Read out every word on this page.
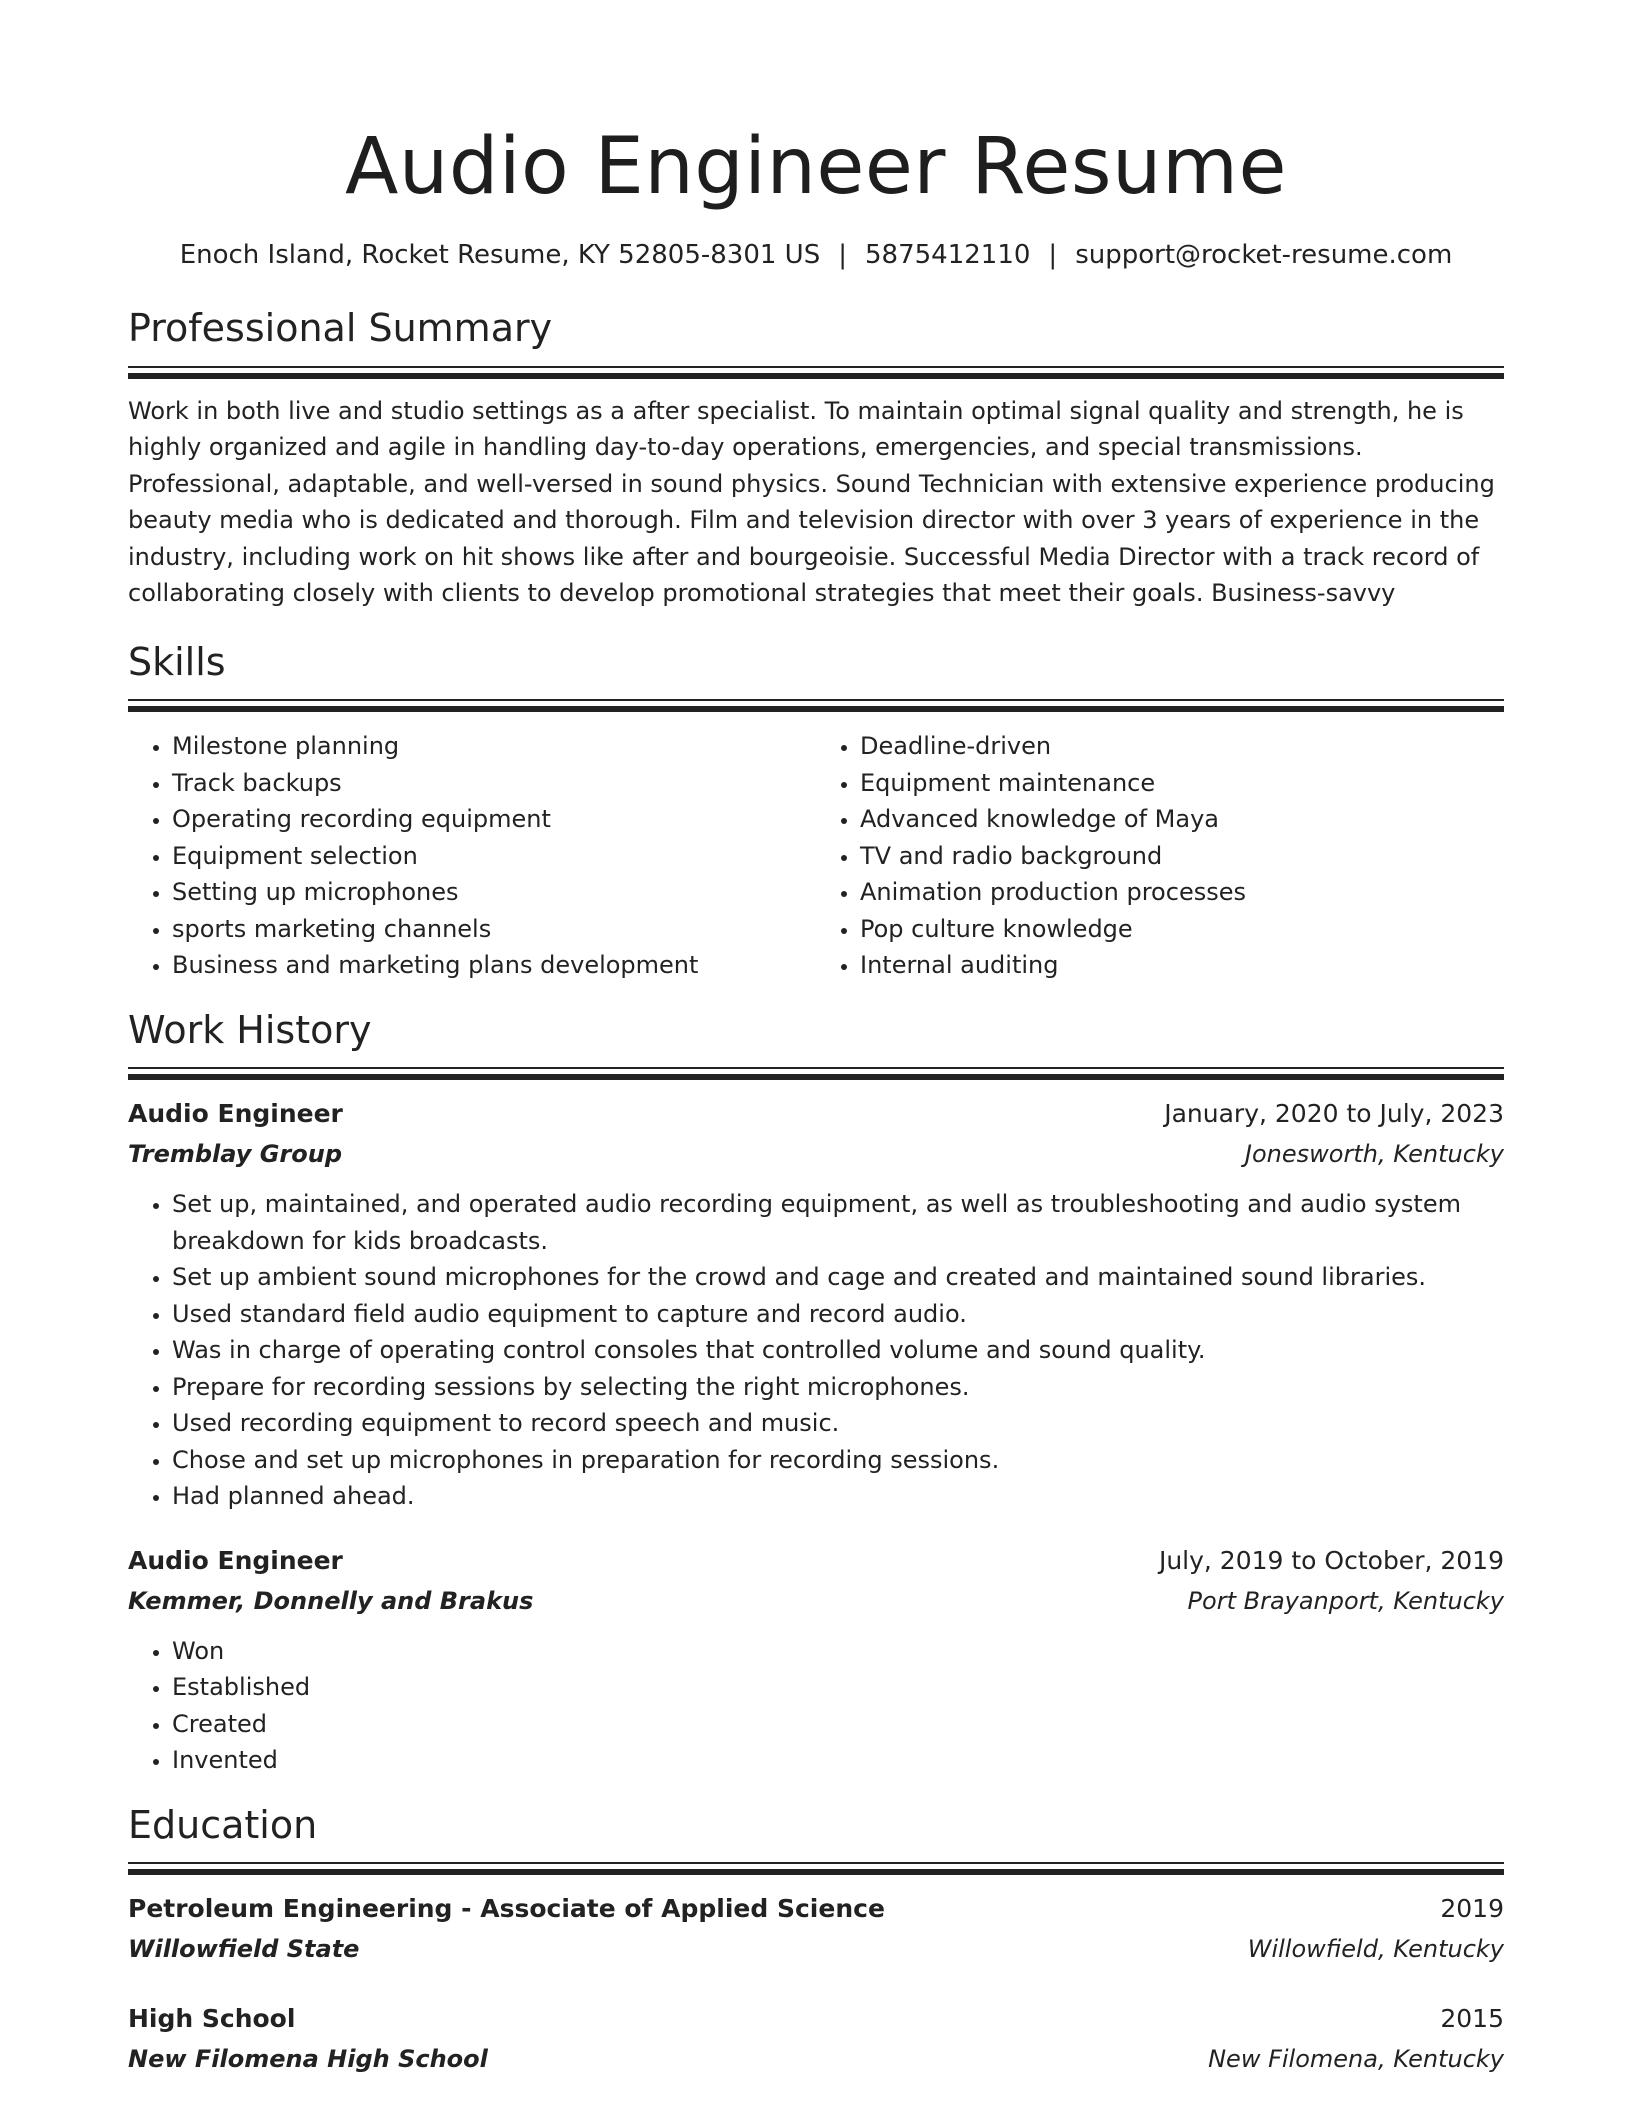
Audio Engineer Resume
Enoch Island, Rocket Resume, KY 52805-8301 US | 5875412110 | support@rocket-resume.com
Professional Summary

Work in both live and studio settings as a after specialist. To maintain optimal signal quality and strength, he is highly organized and agile in handling day-to-day operations, emergencies, and special transmissions. Professional, adaptable, and well-versed in sound physics. Sound Technician with extensive experience producing beauty media who is dedicated and thorough. Film and television director with over 3 years of experience in the industry, including work on hit shows like after and bourgeoisie. Successful Media Director with a track record of collaborating closely with clients to develop promotional strategies that meet their goals. Business-savvy

Skills
• Milestone planning
• Track backups
• Operating recording equipment
• Equipment selection
• Setting up microphones
• sports marketing channels
• Business and marketing plans development
• Deadline-driven
• Equipment maintenance
• Advanced knowledge of Maya
• TV and radio background
• Animation production processes
• Pop culture knowledge
• Internal auditing
Work History
Audio Engineer	January, 2020 to July, 2023
Tremblay Group	Jonesworth, Kentucky
• Set up, maintained, and operated audio recording equipment, as well as troubleshooting and audio system breakdown for kids broadcasts.
• Set up ambient sound microphones for the crowd and cage and created and maintained sound libraries.
• Used standard field audio equipment to capture and record audio.
• Was in charge of operating control consoles that controlled volume and sound quality.
• Prepare for recording sessions by selecting the right microphones.
• Used recording equipment to record speech and music.
• Chose and set up microphones in preparation for recording sessions.
• Had planned ahead.
Audio Engineer	July, 2019 to October, 2019
Kemmer, Donnelly and Brakus	Port Brayanport, Kentucky
• Won
• Established
• Created
• Invented
Education
Petroleum Engineering - Associate of Applied Science	2019
Willowfield State	Willowfield, Kentucky
High School	2015
New Filomena High School	New Filomena, Kentucky
